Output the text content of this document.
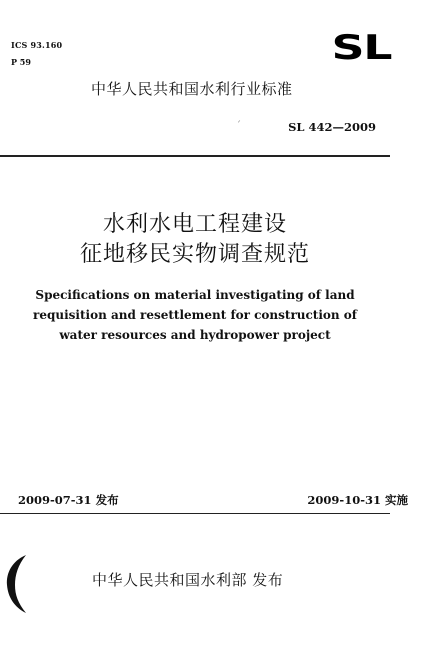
ICS 93.160
P 59	SL
中华人民共和国水利行业标准
ˊ	SL 442—2009
水利水电工程建设
征地移民实物调查规范
Specifications on material investigating of land
requisition and resettlement for construction of
water resources and hydropower project
2009-07-31 发布	2009-10-31 实施
中华人民共和国水利部 发布
